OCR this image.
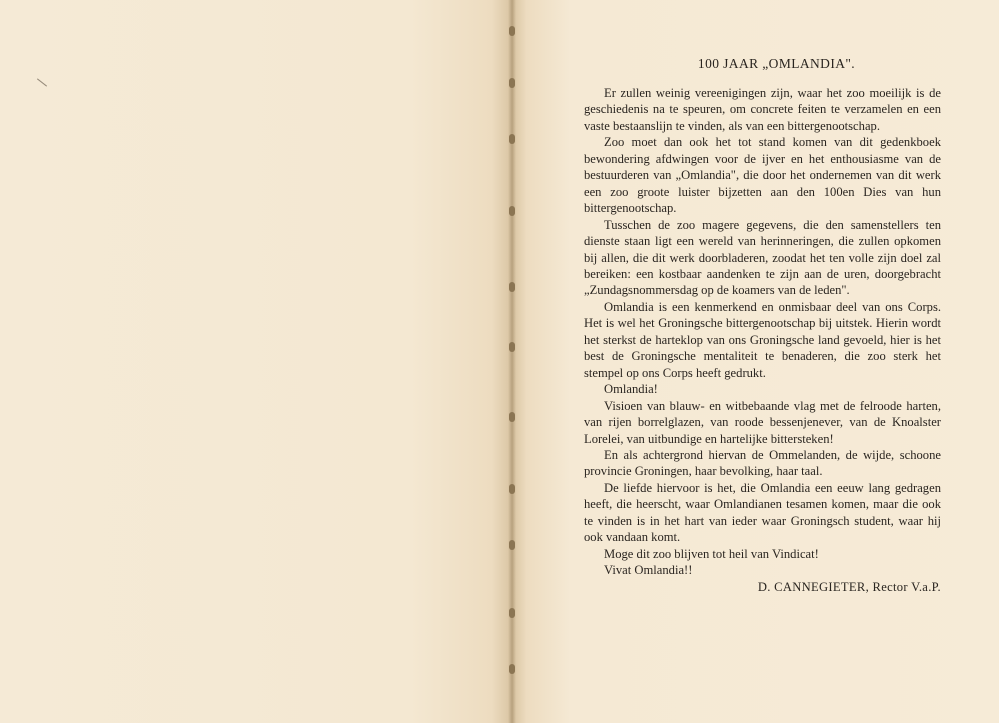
100 JAAR „OMLANDIA".

Er zullen weinig vereenigingen zijn, waar het zoo moeilijk is de geschiedenis na te speuren, om concrete feiten te verzamelen en een vaste bestaanslijn te vinden, als van een bittergenootschap.

Zoo moet dan ook het tot stand komen van dit gedenkboek bewondering afdwingen voor de ijver en het enthousiasme van de bestuurderen van „Omlandia", die door het ondernemen van dit werk een zoo groote luister bijzetten aan den 100en Dies van hun bittergenootschap.

Tusschen de zoo magere gegevens, die den samenstellers ten dienste staan ligt een wereld van herinneringen, die zullen opkomen bij allen, die dit werk doorbladeren, zoodat het ten volle zijn doel zal bereiken: een kostbaar aandenken te zijn aan de uren, doorgebracht „Zundagsnommersdag op de koamers van de leden".

Omlandia is een kenmerkend en onmisbaar deel van ons Corps. Het is wel het Groningsche bittergenootschap bij uitstek. Hierin wordt het sterkst de harteklop van ons Groningsche land gevoeld, hier is het best de Groningsche mentaliteit te benaderen, die zoo sterk het stempel op ons Corps heeft gedrukt.

Omlandia!

Visioen van blauw- en witbebaande vlag met de felroode harten, van rijen borrelglazen, van roode bessenjenever, van de Knoalster Lorelei, van uitbundige en hartelijke bittersteken!

En als achtergrond hiervan de Ommelanden, de wijde, schoone provincie Groningen, haar bevolking, haar taal.

De liefde hiervoor is het, die Omlandia een eeuw lang gedragen heeft, die heerscht, waar Omlandianen tesamen komen, maar die ook te vinden is in het hart van ieder waar Groningsch student, waar hij ook vandaan komt.

Moge dit zoo blijven tot heil van Vindicat!

Vivat Omlandia!!

D. CANNEGIETER, Rector V.a.P.
